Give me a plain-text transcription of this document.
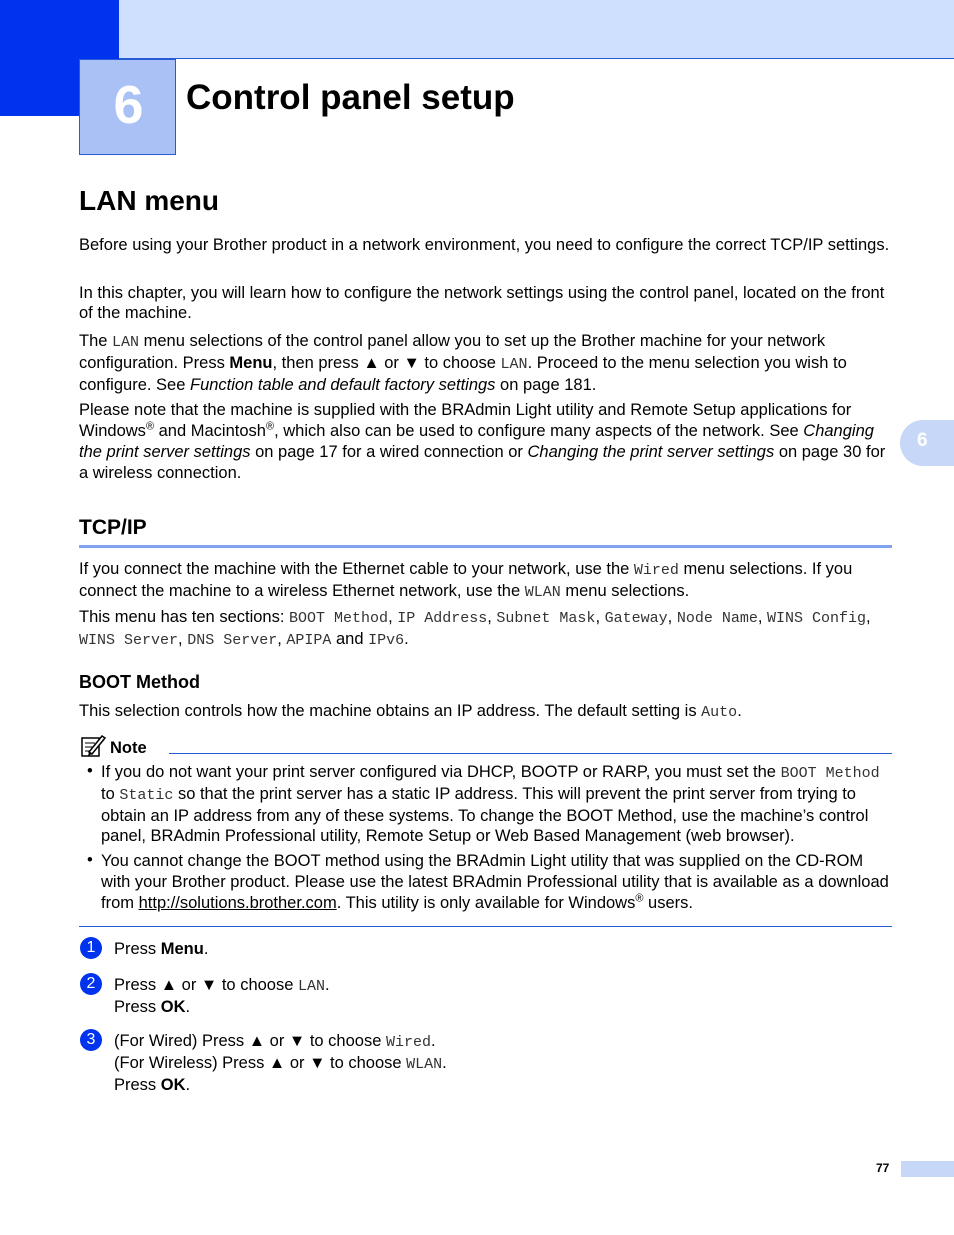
6	Control panel setup
6
LAN menu
Before using your Brother product in a network environment, you need to configure the correct TCP/IP settings.
In this chapter, you will learn how to configure the network settings using the control panel, located on the front of the machine.
The LAN menu selections of the control panel allow you to set up the Brother machine for your network configuration. Press Menu, then press ▲ or ▼ to choose LAN. Proceed to the menu selection you wish to configure. See Function table and default factory settings on page 181.
Please note that the machine is supplied with the BRAdmin Light utility and Remote Setup applications for Windows® and Macintosh®, which also can be used to configure many aspects of the network. See Changing the print server settings on page 17 for a wired connection or Changing the print server settings on page 30 for a wireless connection.
TCP/IP
If you connect the machine with the Ethernet cable to your network, use the Wired menu selections. If you connect the machine to a wireless Ethernet network, use the WLAN menu selections.
This menu has ten sections: BOOT Method, IP Address, Subnet Mask, Gateway, Node Name, WINS Config, WINS Server, DNS Server, APIPA and IPv6.
BOOT Method
This selection controls how the machine obtains an IP address. The default setting is Auto.
Note
• If you do not want your print server configured via DHCP, BOOTP or RARP, you must set the BOOT Method to Static so that the print server has a static IP address. This will prevent the print server from trying to obtain an IP address from any of these systems. To change the BOOT Method, use the machine’s control panel, BRAdmin Professional utility, Remote Setup or Web Based Management (web browser).
• You cannot change the BOOT method using the BRAdmin Light utility that was supplied on the CD-ROM with your Brother product. Please use the latest BRAdmin Professional utility that is available as a download from http://solutions.brother.com. This utility is only available for Windows® users.
1	Press Menu.
2	Press ▲ or ▼ to choose LAN.
Press OK.
3	(For Wired) Press ▲ or ▼ to choose Wired.
(For Wireless) Press ▲ or ▼ to choose WLAN.
Press OK.
77
